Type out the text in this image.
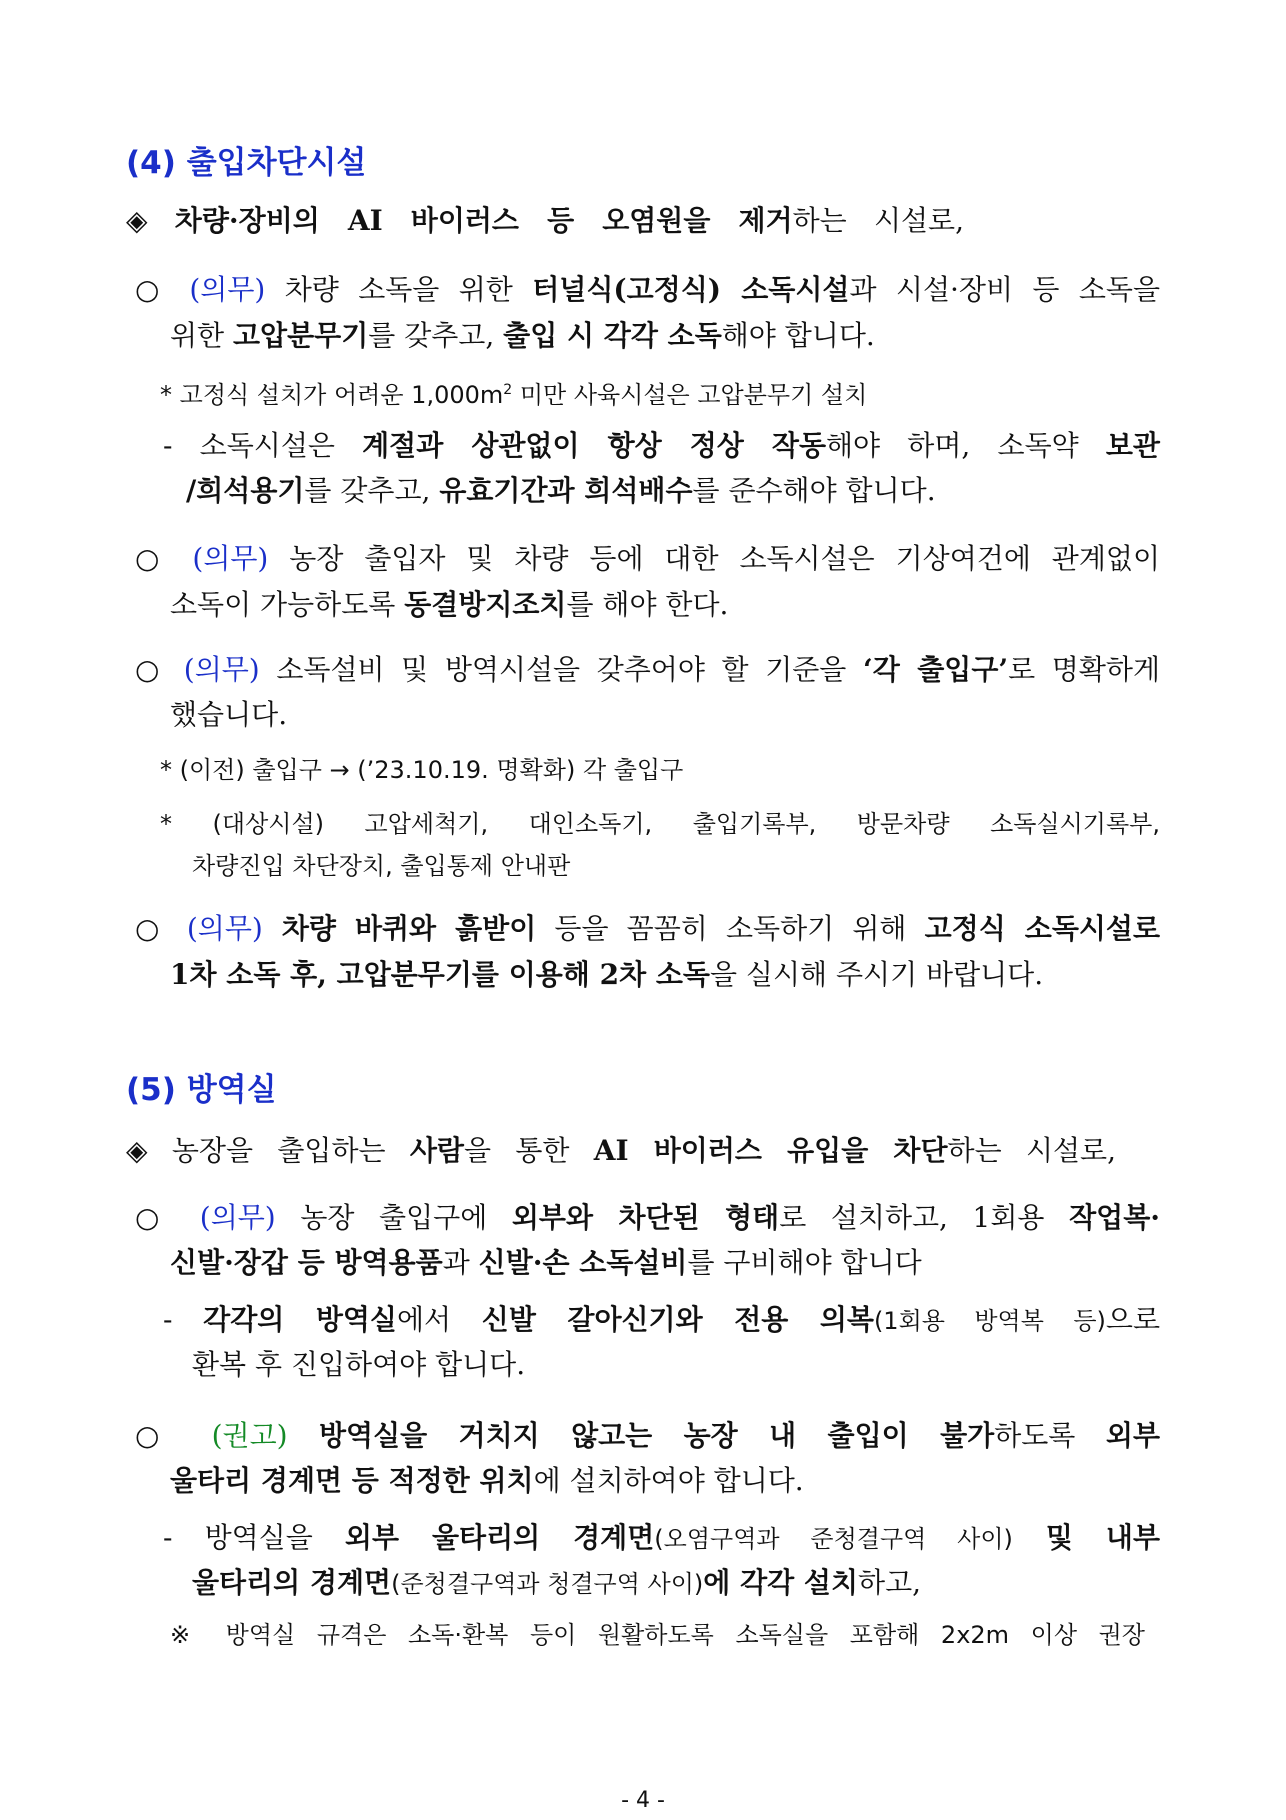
(4) 출입차단시설
◈ 차량·장비의 AI 바이러스 등 오염원을 제거하는 시설로,
○ (의무) 차량 소독을 위한 터널식(고정식) 소독시설과 시설·장비 등 소독을
위한 고압분무기를 갖추고, 출입 시 각각 소독해야 합니다.
* 고정식 설치가 어려운 $1,000m^2$ 미만 사육시설은 고압분무기 설치
- 소독시설은 계절과 상관없이 항상 정상 작동해야 하며, 소독약 보관
/희석용기를 갖추고, 유효기간과 희석배수를 준수해야 합니다.
○ (의무) 농장 출입자 및 차량 등에 대한 소독시설은 기상여건에 관계없이
소독이 가능하도록 동결방지조치를 해야 한다.
○ (의무) 소독설비 및 방역시설을 갖추어야 할 기준을 ‘각 출입구’로 명확하게
했습니다.
* (이전) 출입구 → (’23.10.19. 명확화) 각 출입구
* (대상시설) 고압세척기, 대인소독기, 출입기록부, 방문차량 소독실시기록부,
차량진입 차단장치, 출입통제 안내판
○ (의무) 차량 바퀴와 흙받이 등을 꼼꼼히 소독하기 위해 고정식 소독시설로
1차 소독 후, 고압분무기를 이용해 2차 소독을 실시해 주시기 바랍니다.
(5) 방역실
◈ 농장을 출입하는 사람을 통한 AI 바이러스 유입을 차단하는 시설로,
○ (의무) 농장 출입구에 외부와 차단된 형태로 설치하고, 1회용 작업복·
신발·장갑 등 방역용품과 신발·손 소독설비를 구비해야 합니다
- 각각의 방역실에서 신발 갈아신기와 전용 의복(1회용 방역복 등)으로
환복 후 진입하여야 합니다.
○ (권고) 방역실을 거치지 않고는 농장 내 출입이 불가하도록 외부
울타리 경계면 등 적정한 위치에 설치하여야 합니다.
- 방역실을 외부 울타리의 경계면(오염구역과 준청결구역 사이) 및 내부
울타리의 경계면(준청결구역과 청결구역 사이)에 각각 설치하고,
※ 방역실 규격은 소독·환복 등이 원활하도록 소독실을 포함해 2x2m 이상 권장
- 4 -
